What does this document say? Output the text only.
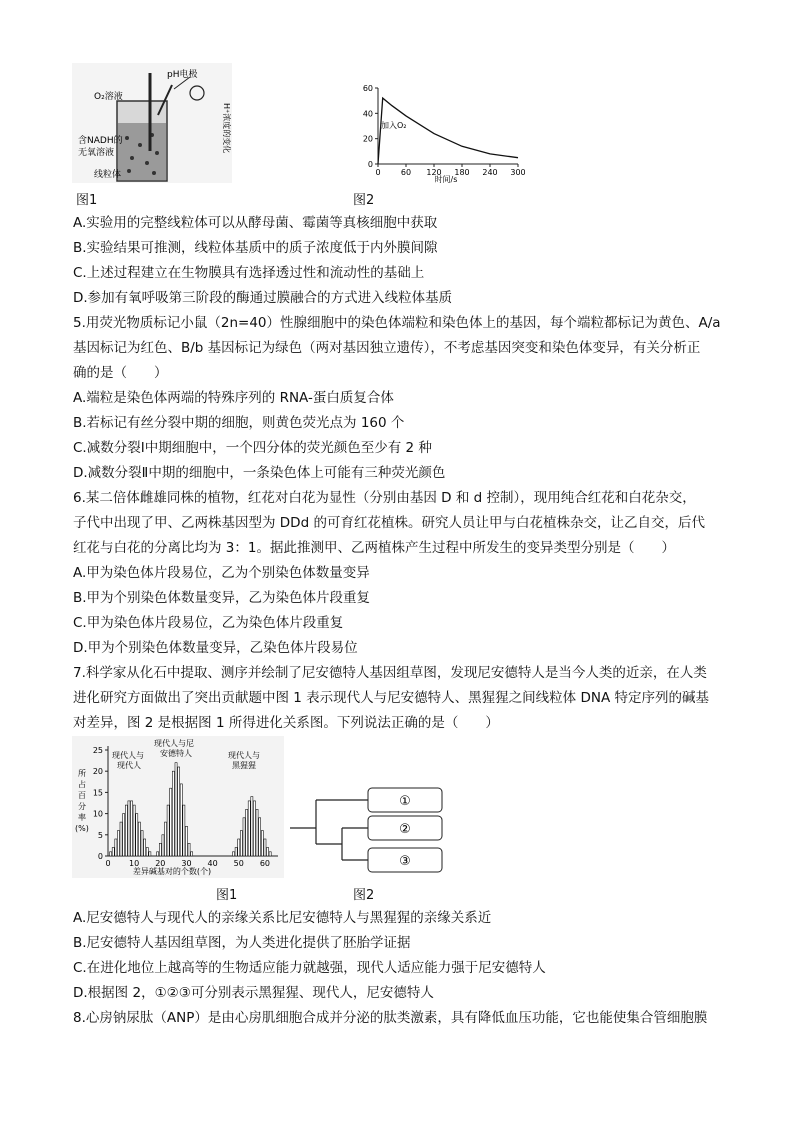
pH电极
O₂溶液
含NADH的
无氧溶液
线粒体
H⁺浓度的变化
图1
加入O₂
时间/s
60
40
20
0
0	60 120 180 240 300
图2
A.实验用的完整线粒体可以从酵母菌、霉菌等真核细胞中获取
B.实验结果可推测，线粒体基质中的质子浓度低于内外膜间隙
C.上述过程建立在生物膜具有选择透过性和流动性的基础上
D.参加有氧呼吸第三阶段的酶通过膜融合的方式进入线粒体基质
5.用荧光物质标记小鼠（2n=40）性腺细胞中的染色体端粒和染色体上的基因，每个端粒都标记为黄色、A/a
基因标记为红色、B/b 基因标记为绿色（两对基因独立遗传），不考虑基因突变和染色体变异，有关分析正
确的是（　　）
A.端粒是染色体两端的特殊序列的 RNA-蛋白质复合体
B.若标记有丝分裂中期的细胞，则黄色荧光点为 160 个
C.减数分裂Ⅰ中期细胞中，一个四分体的荧光颜色至少有 2 种
D.减数分裂Ⅱ中期的细胞中，一条染色体上可能有三种荧光颜色
6.某二倍体雌雄同株的植物，红花对白花为显性（分别由基因 D 和 d 控制），现用纯合红花和白花杂交，
子代中出现了甲、乙两株基因型为 DDd 的可育红花植株。研究人员让甲与白花植株杂交，让乙自交，后代
红花与白花的分离比均为 3：1。据此推测甲、乙两植株产生过程中所发生的变异类型分别是（　　）
A.甲为染色体片段易位，乙为个别染色体数量变异
B.甲为个别染色体数量变异，乙为染色体片段重复
C.甲为染色体片段易位，乙为染色体片段重复
D.甲为个别染色体数量变异，乙染色体片段易位
7.科学家从化石中提取、测序并绘制了尼安德特人基因组草图，发现尼安德特人是当今人类的近亲，在人类
进化研究方面做出了突出贡献题中图 1 表示现代人与尼安德特人、黑猩猩之间线粒体 DNA 特定序列的碱基
对差异，图 2 是根据图 1 所得进化关系图。下列说法正确的是（　　）
所
占
百
分
率
(%)
25
20
15
10
5
0
0 10 20 30 40 50 60
现代人与
现代人
现代人与尼
安德特人	现代人与
黑猩猩
差异碱基对的个数(个)
①
②
③
图1	图2
A.尼安德特人与现代人的亲缘关系比尼安德特人与黑猩猩的亲缘关系近
B.尼安德特人基因组草图，为人类进化提供了胚胎学证据
C.在进化地位上越高等的生物适应能力就越强，现代人适应能力强于尼安德特人
D.根据图 2，①②③可分别表示黑猩猩、现代人，尼安德特人
8.心房钠尿肽（ANP）是由心房肌细胞合成并分泌的肽类激素，具有降低血压功能，它也能使集合管细胞膜
